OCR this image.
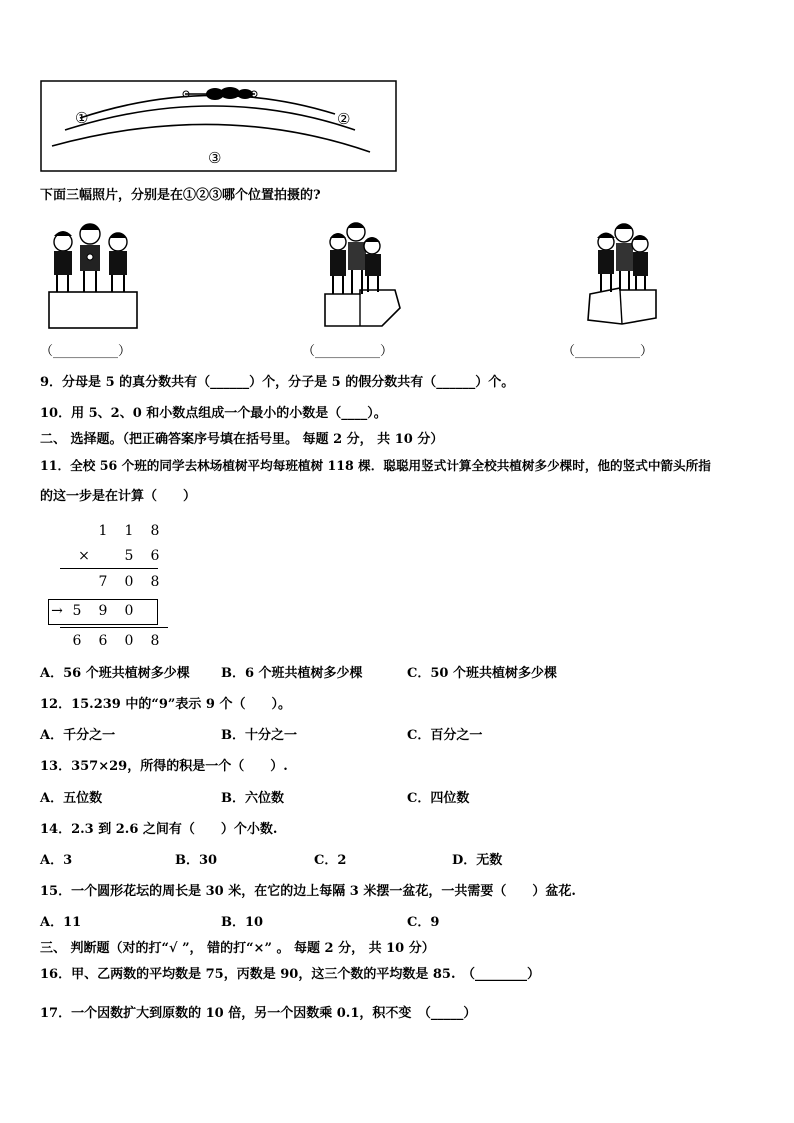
①	②
③
下面三幅照片，分别是在①②③哪个位置拍摄的?
（__________）	（__________）	（__________）
9．分母是 5 的真分数共有（______）个，分子是 5 的假分数共有（______）个。
10．用 5、2、0 和小数点组成一个最小的小数是（____）。
二、 选择题。（把正确答案序号填在括号里。 每题 2 分， 共 10 分）
11．全校 56 个班的同学去林场植树平均每班植树 118 棵．聪聪用竖式计算全校共植树多少棵时，他的竖式中箭头所指
的这一步是在计算（　　）
1 1 8
× 5 6
7 0 8
→ 5 9 0
6 6 0 8
A．56 个班共植树多少棵 B．6 个班共植树多少棵	C．50 个班共植树多少棵
12．15.239 中的“9”表示 9 个（　　）。
A．千分之一	B．十分之一	C．百分之一
13．357×29，所得的积是一个（　　）.
A．五位数	B．六位数	C．四位数
14．2.3 到 2.6 之间有（　　）个小数.
A．3	B．30	C．2	D．无数
15．一个圆形花坛的周长是 30 米，在它的边上每隔 3 米摆一盆花，一共需要（　　）盆花.
A．11	B．10	C．9
三、 判断题（对的打“√ ”， 错的打“×” 。 每题 2 分， 共 10 分）
16．甲、乙两数的平均数是 75，丙数是 90，这三个数的平均数是 85.　（________）
17．一个因数扩大到原数的 10 倍，另一个因数乘 0.1，积不变　（_____）
